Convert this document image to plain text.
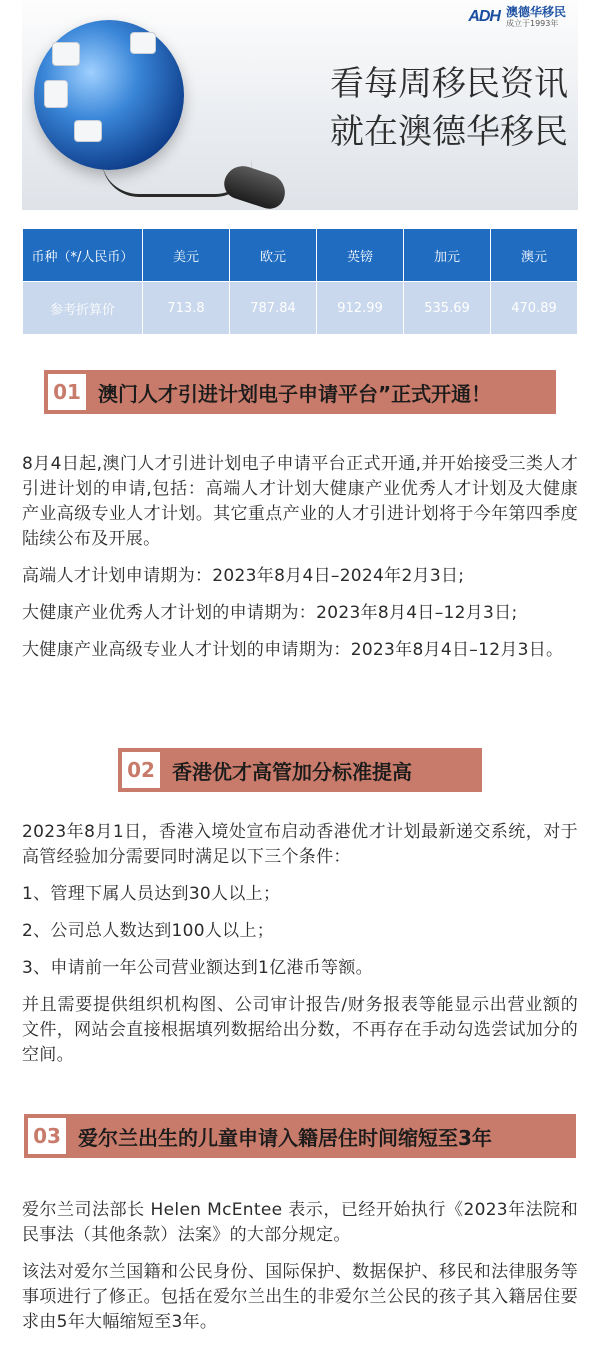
ADH 澳德华移民
成立于1993年
看每周移民资讯
就在澳德华移民
币种（*/人民币）	美元	欧元	英镑	加元	澳元
参考折算价	713.8	787.84	912.99	535.69	470.89
01 澳门人才引进计划电子申请平台”正式开通！

8月4日起,澳门人才引进计划电子申请平台正式开通,并开始接受三类人才引进计划的申请,包括：高端人才计划大健康产业优秀人才计划及大健康产业高级专业人才计划。其它重点产业的人才引进计划将于今年第四季度陆续公布及开展。

高端人才计划申请期为：2023年8月4日–2024年2月3日;

大健康产业优秀人才计划的申请期为：2023年8月4日–12月3日;

大健康产业高级专业人才计划的申请期为：2023年8月4日–12月3日。

02 香港优才高管加分标准提高

2023年8月1日，香港入境处宣布启动香港优才计划最新递交系统，对于高管经验加分需要同时满足以下三个条件：

1、管理下属人员达到30人以上；

2、公司总人数达到100人以上；

3、申请前一年公司营业额达到1亿港币等额。

并且需要提供组织机构图、公司审计报告/财务报表等能显示出营业额的文件，网站会直接根据填列数据给出分数，不再存在手动勾选尝试加分的空间。

03 爱尔兰出生的儿童申请入籍居住时间缩短至3年

爱尔兰司法部长 Helen McEntee 表示，已经开始执行《2023年法院和民事法（其他条款）法案》的大部分规定。

该法对爱尔兰国籍和公民身份、国际保护、数据保护、移民和法律服务等事项进行了修正。包括在爱尔兰出生的非爱尔兰公民的孩子其入籍居住要求由5年大幅缩短至3年。
